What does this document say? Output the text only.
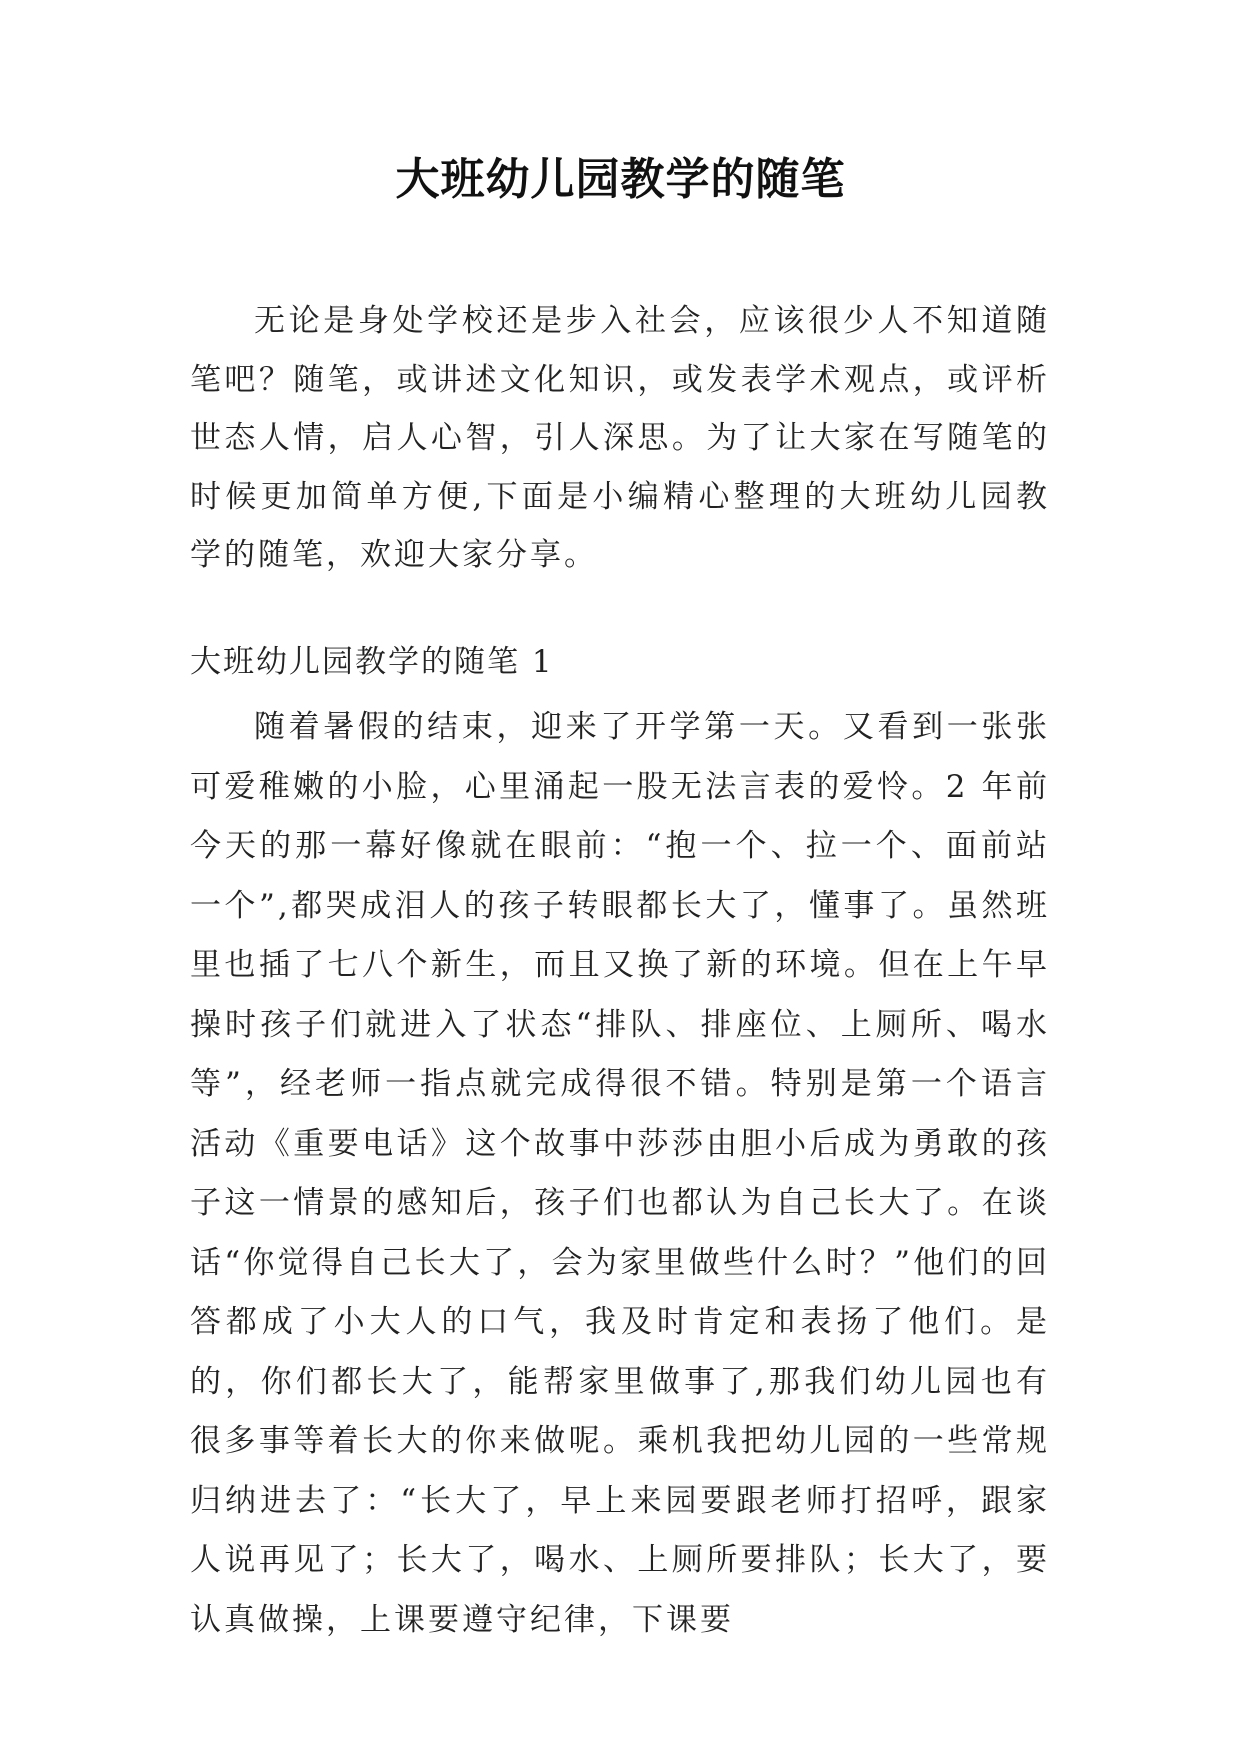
大班幼儿园教学的随笔

无论是身处学校还是步入社会，应该很少人不知道随笔吧？随笔，或讲述文化知识，或发表学术观点，或评析世态人情，启人心智，引人深思。为了让大家在写随笔的时候更加简单方便,下面是小编精心整理的大班幼儿园教学的随笔，欢迎大家分享。

大班幼儿园教学的随笔 1

随着暑假的结束，迎来了开学第一天。又看到一张张可爱稚嫩的小脸，心里涌起一股无法言表的爱怜。2 年前今天的那一幕好像就在眼前：“抱一个、拉一个、面前站一个”,都哭成泪人的孩子转眼都长大了，懂事了。虽然班里也插了七八个新生，而且又换了新的环境。但在上午早操时孩子们就进入了状态“排队、排座位、上厕所、喝水等”，经老师一指点就完成得很不错。特别是第一个语言活动《重要电话》这个故事中莎莎由胆小后成为勇敢的孩子这一情景的感知后，孩子们也都认为自己长大了。在谈话“你觉得自己长大了，会为家里做些什么时？”他们的回答都成了小大人的口气，我及时肯定和表扬了他们。是的，你们都长大了，能帮家里做事了,那我们幼儿园也有很多事等着长大的你来做呢。乘机我把幼儿园的一些常规归纳进去了：“长大了，早上来园要跟老师打招呼，跟家人说再见了；长大了，喝水、上厕所要排队；长大了，要认真做操，上课要遵守纪律，下课要
